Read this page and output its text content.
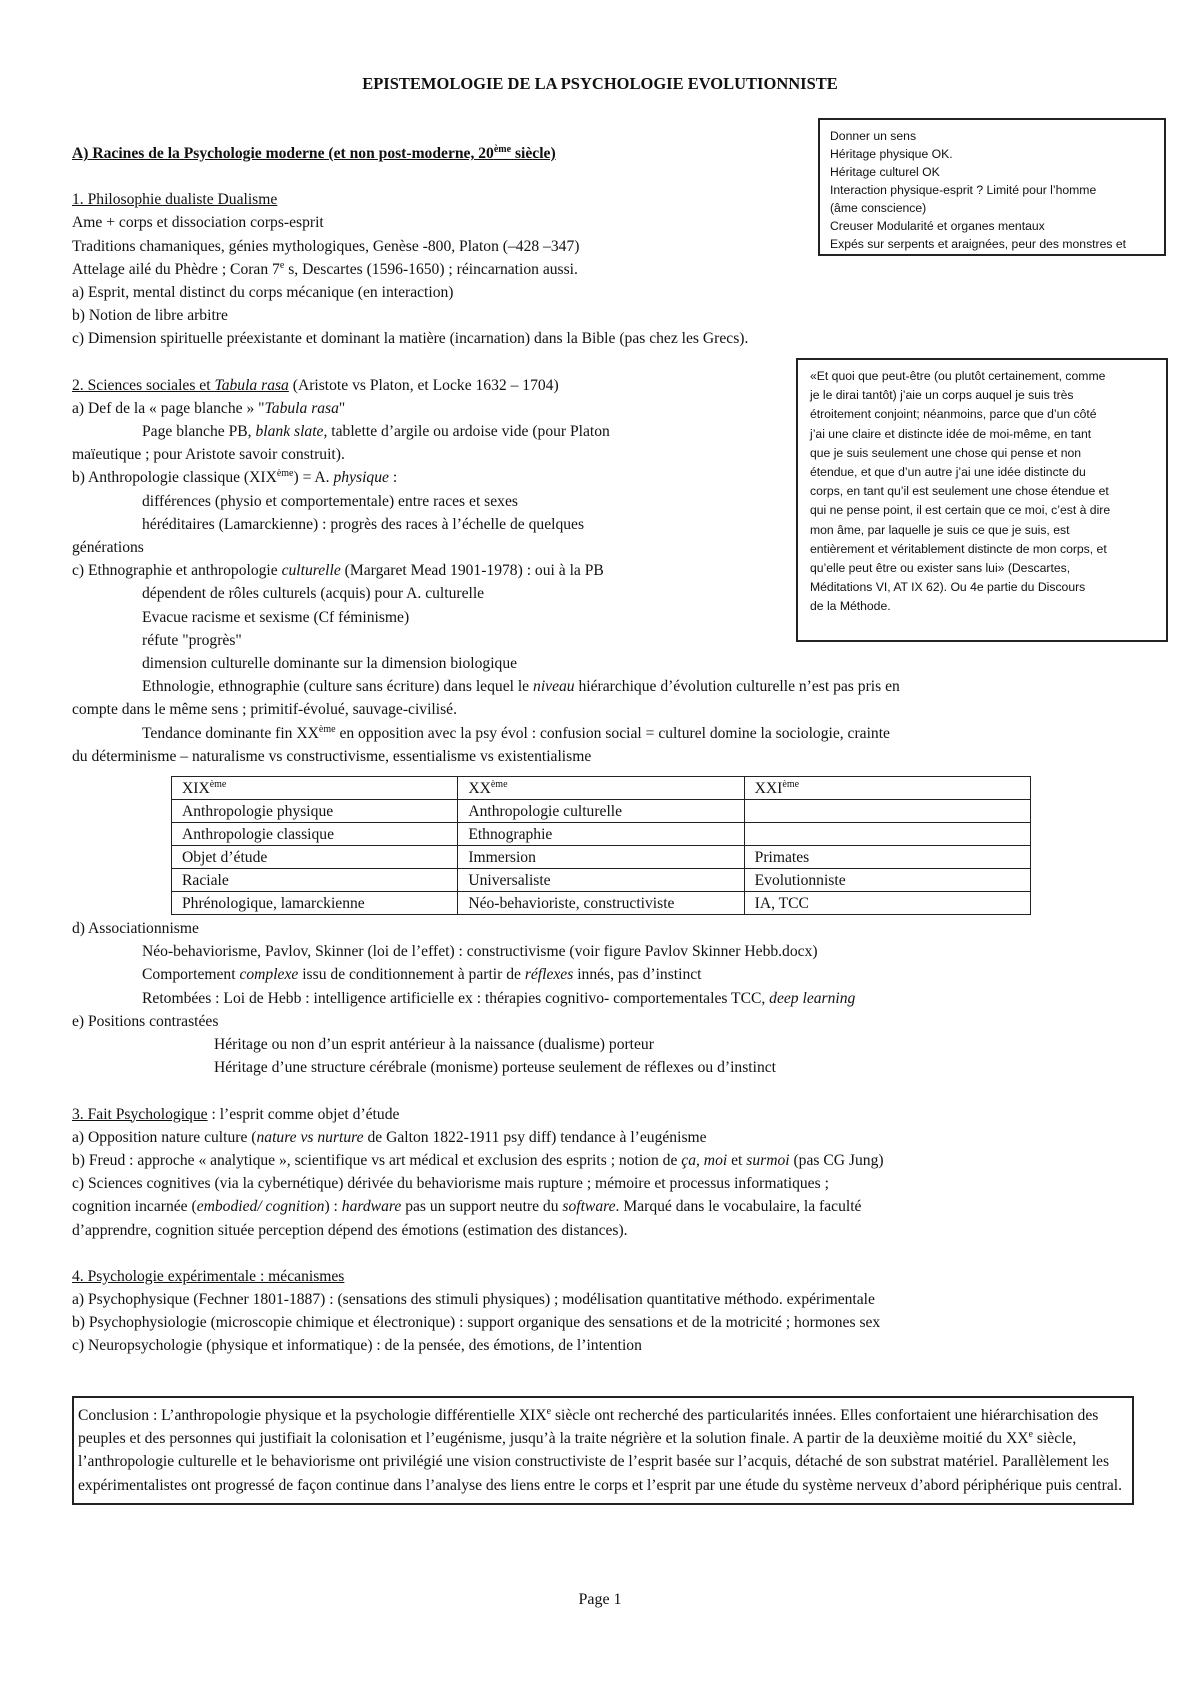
EPISTEMOLOGIE DE LA PSYCHOLOGIE EVOLUTIONNISTE
Donner un sens
Héritage physique OK.
Héritage culturel OK
Interaction physique-esprit ? Limité pour l’homme
(âme conscience)
Creuser Modularité et organes mentaux
Expés sur serpents et araignées, peur des monstres et
«Et quoi que peut-être (ou plutôt certainement, comme
je le dirai tantôt) j’aie un corps auquel je suis très
étroitement conjoint; néanmoins, parce que d’un côté
j’ai une claire et distincte idée de moi-même, en tant
que je suis seulement une chose qui pense et non
étendue, et que d’un autre j’ai une idée distincte du
corps, en tant qu’il est seulement une chose étendue et
qui ne pense point, il est certain que ce moi, c’est à dire
mon âme, par laquelle je suis ce que je suis, est
entièrement et véritablement distincte de mon corps, et
qu’elle peut être ou exister sans lui» (Descartes,
Méditations VI, AT IX 62). Ou 4e partie du Discours
de la Méthode.

A) Racines de la Psychologie moderne (et non post-moderne, 20ème siècle)

1. Philosophie dualiste Dualisme

Ame + corps et dissociation corps-esprit

Traditions chamaniques, génies mythologiques, Genèse -800, Platon (–428 –347)

Attelage ailé du Phèdre ; Coran 7e s, Descartes (1596-1650) ; réincarnation aussi.

a) Esprit, mental distinct du corps mécanique (en interaction)

b) Notion de libre arbitre

c) Dimension spirituelle préexistante et dominant la matière (incarnation) dans la Bible (pas chez les Grecs).

2. Sciences sociales et Tabula rasa (Aristote vs Platon, et Locke 1632 – 1704)

a) Def de la « page blanche » "Tabula rasa"

Page blanche PB, blank slate, tablette d’argile ou ardoise vide (pour Platon

maïeutique ; pour Aristote savoir construit).

b) Anthropologie classique (XIXème) = A. physique :

différences (physio et comportementale) entre races et sexes

héréditaires (Lamarckienne) : progrès des races à l’échelle de quelques

générations

c) Ethnographie et anthropologie culturelle (Margaret Mead 1901-1978) : oui à la PB

dépendent de rôles culturels (acquis) pour A. culturelle

Evacue racisme et sexisme (Cf féminisme)

réfute "progrès"

dimension culturelle dominante sur la dimension biologique

Ethnologie, ethnographie (culture sans écriture) dans lequel le niveau hiérarchique d’évolution culturelle n’est pas pris en

compte dans le même sens ; primitif-évolué, sauvage-civilisé.

Tendance dominante fin XXème en opposition avec la psy évol : confusion social = culturel domine la sociologie, crainte

du déterminisme – naturalisme vs constructivisme, essentialisme vs existentialisme

XIXème	XXème	XXIème
Anthropologie physique	Anthropologie culturelle	
Anthropologie classique	Ethnographie	
Objet d’étude	Immersion	Primates
Raciale	Universaliste	Evolutionniste
Phrénologique, lamarckienne	Néo-behavioriste, constructiviste	IA, TCC

d) Associationnisme

Néo-behaviorisme, Pavlov, Skinner (loi de l’effet) : constructivisme (voir figure Pavlov Skinner Hebb.docx)

Comportement complexe issu de conditionnement à partir de réflexes innés, pas d’instinct

Retombées : Loi de Hebb : intelligence artificielle ex : thérapies cognitivo- comportementales TCC, deep learning

e) Positions contrastées

Héritage ou non d’un esprit antérieur à la naissance (dualisme) porteur

Héritage d’une structure cérébrale (monisme) porteuse seulement de réflexes ou d’instinct

3. Fait Psychologique : l’esprit comme objet d’étude

a) Opposition nature culture (nature vs nurture de Galton 1822-1911 psy diff) tendance à l’eugénisme

b) Freud : approche « analytique », scientifique vs art médical et exclusion des esprits ; notion de ça, moi et surmoi (pas CG Jung)

c) Sciences cognitives (via la cybernétique) dérivée du behaviorisme mais rupture ; mémoire et processus informatiques ;

cognition incarnée (embodied/ cognition) : hardware pas un support neutre du software. Marqué dans le vocabulaire, la faculté

d’apprendre, cognition située perception dépend des émotions (estimation des distances).

4. Psychologie expérimentale : mécanismes

a) Psychophysique (Fechner 1801-1887) : (sensations des stimuli physiques) ; modélisation quantitative méthodo. expérimentale

b) Psychophysiologie (microscopie chimique et électronique) : support organique des sensations et de la motricité ; hormones sex

c) Neuropsychologie (physique et informatique) : de la pensée, des émotions, de l’intention

Conclusion : L’anthropologie physique et la psychologie différentielle XIXe siècle ont recherché des particularités innées. Elles confortaient une hiérarchisation des peuples et des personnes qui justifiait la colonisation et l’eugénisme, jusqu’à la traite négrière et la solution finale. A partir de la deuxième moitié du XXe siècle, l’anthropologie culturelle et le behaviorisme ont privilégié une vision constructiviste de l’esprit basée sur l’acquis, détaché de son substrat matériel. Parallèlement les expérimentalistes ont progressé de façon continue dans l’analyse des liens entre le corps et l’esprit par une étude du système nerveux d’abord périphérique puis central.
Page 1
